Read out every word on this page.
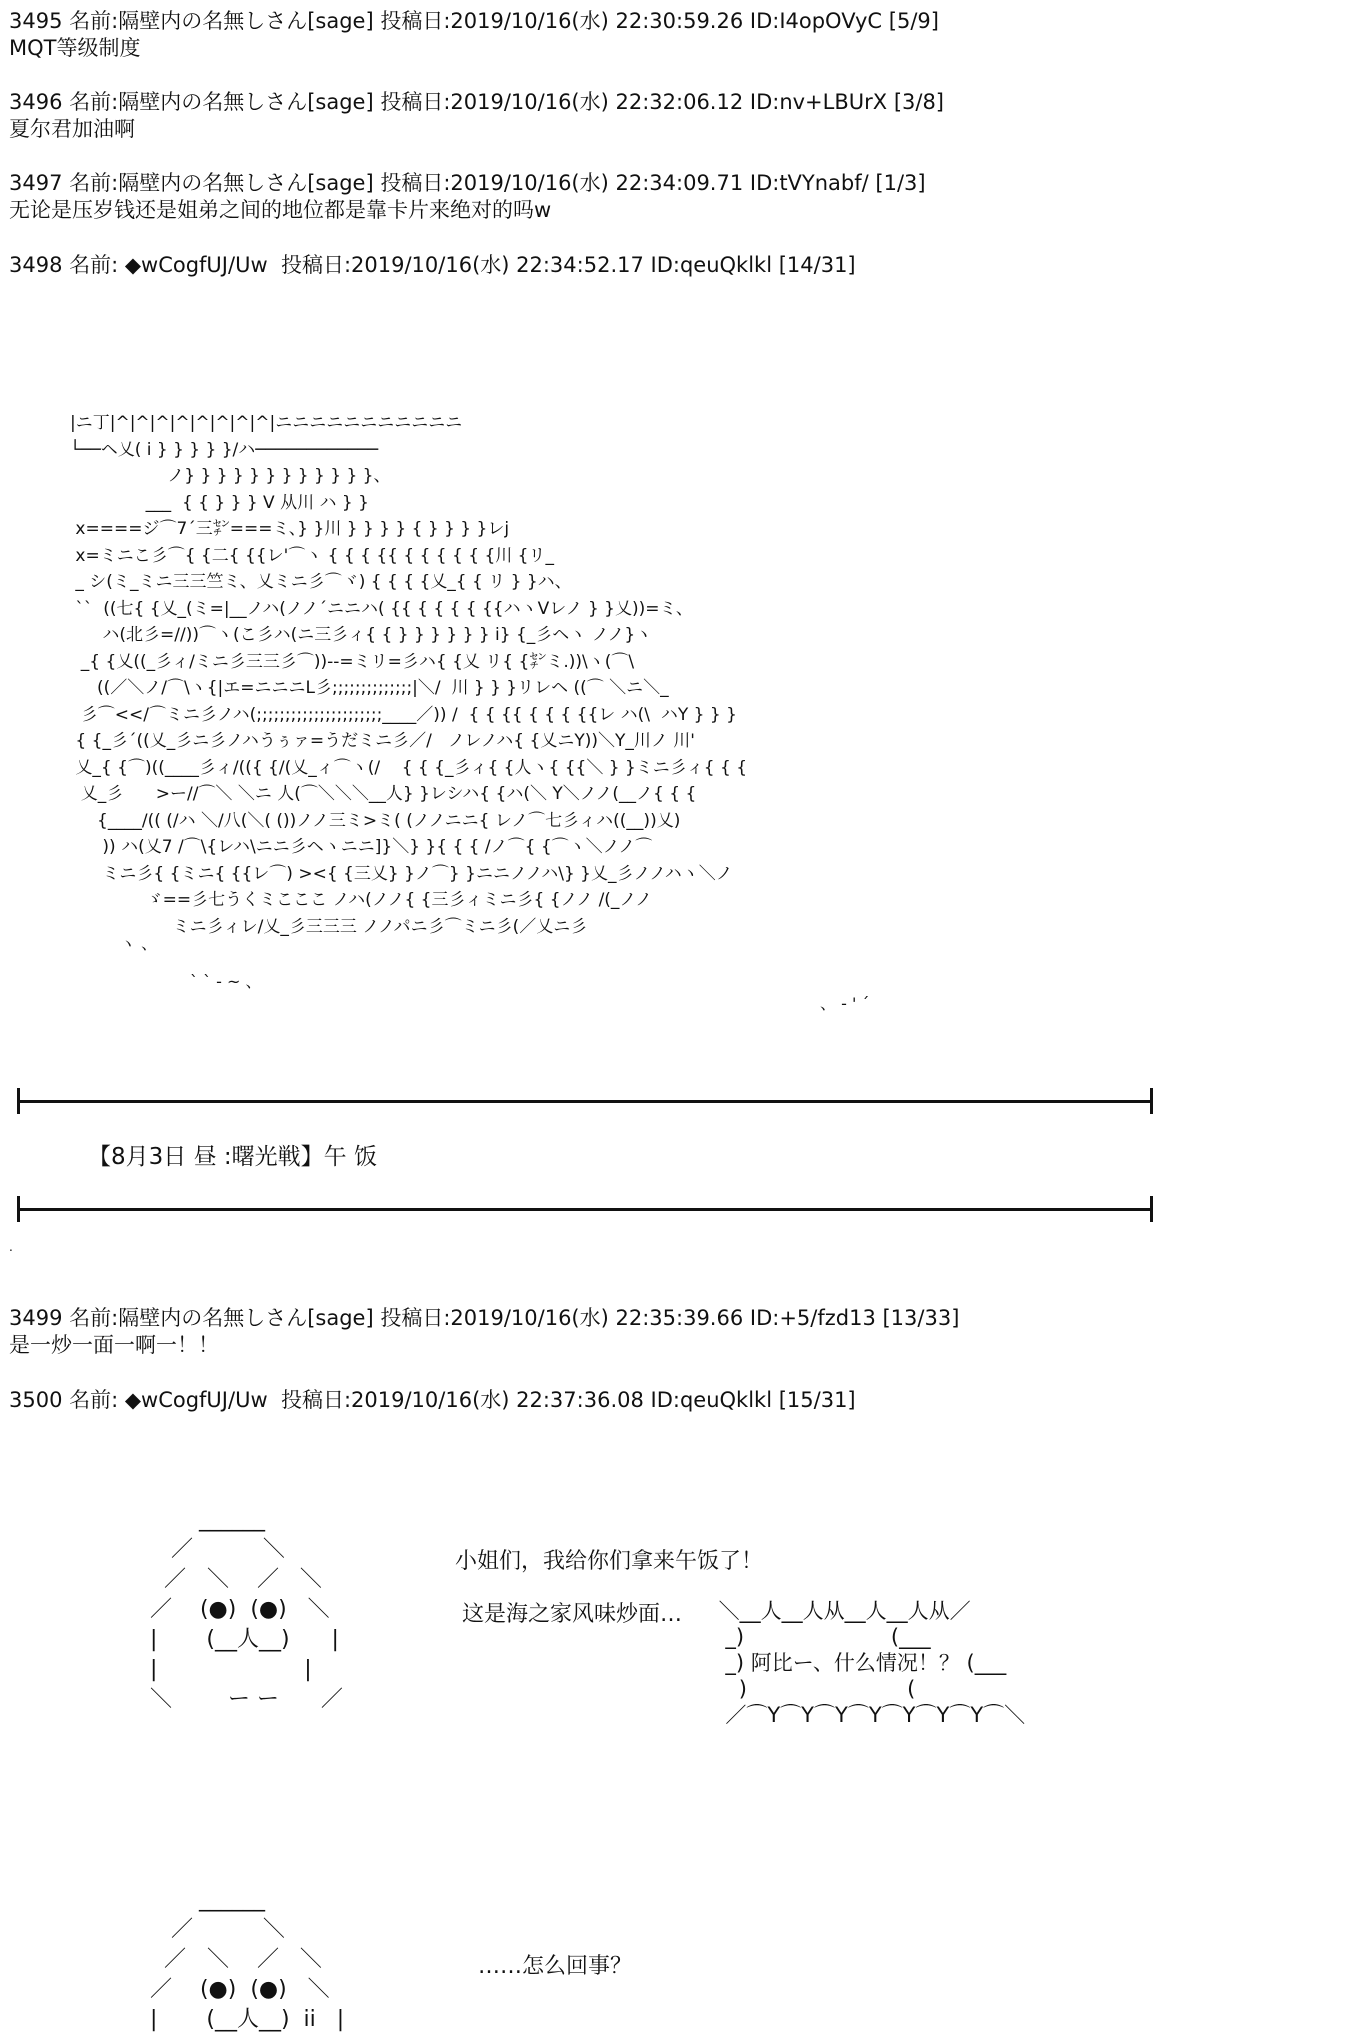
3495 名前:隔壁内の名無しさん[sage] 投稿日:2019/10/16(水) 22:30:59.26 ID:I4opOVyC [5/9]
MQT等级制度
3496 名前:隔壁内の名無しさん[sage] 投稿日:2019/10/16(水) 22:32:06.12 ID:nv+LBUrX [3/8]
夏尔君加油啊
3497 名前:隔壁内の名無しさん[sage] 投稿日:2019/10/16(水) 22:34:09.71 ID:tVYnabf/ [1/3]
无论是压岁钱还是姐弟之间的地位都是靠卡片来绝对的吗w
3498 名前: ◆wCogfUJ/Uw  投稿日:2019/10/16(水) 22:34:52.17 ID:qeuQklkl [14/31]
|ニ丁|^|^|^|^|^|^|^|^|ニニニニニニニニニニニ
└──ヘ乂( i } } } } }/ハ────────────
ノ} } } } } } } } } } } }、
___  { { } } } V 从川 ハ } }
x====ジ⌒7´三㌢===ミ、} }川 } } } } { } } } }レj
x=ミニこ彡⌒{ {二{ {{レ'⌒ヽ { { { {{ { { { { { {川 {リ_
_ シ(ミ_ミニ三三竺ミ、乂ミニ彡⌒ヾ) { { { {乂_{ { リ } }ハ、
``  ((七{ {乂_(ミ=|__ノハ(ノノ´ニニハ( {{ { { { { {{ハヽVレノ } }乂))=ミ、
ハ(北彡=//))⌒ヽ(こ彡ハ(ニ三彡ィ{ { } } } } } } i} {_彡ヘヽ ノノ}ヽ
_{ {乂((_彡ィ/ミニ彡三三彡⌒))--=ミリ=彡ハ{ {乂 リ{ {㌢ミ.))\ヽ(⌒\
((／＼ノ/⌒\ヽ{|エ=ニニニL彡;;;;;;;;;;;;;;|＼/  川 } } }リレヘ ((⌒ ＼ニ＼_
彡⌒<</⌒ミニ彡ノハ(;;;;;;;;;;;;;;;;;;;;;;____／)) /  { { {{ { { { {{レ ハ(\  ハY } } }
{ {_彡´((乂_彡ニ彡ノハうぅァ=うだミニ彡／/   ノレノハ{ {乂ニY))＼Y_川ノ 川'
乂_{ {⌒)((____彡ィ/(({ {/(乂_ィ⌒ヽ(/    { { {_彡ィ{ {人ヽ{ {{＼ } }ミニ彡ィ{ { {
乂_彡      >ー//⌒＼ ＼ニ 人(⌒＼＼＼__人} }レシハ{ {ハ(＼ Y＼ノノ(__ノ{ { {
{____/(( (/ハ ＼/八(＼( ())ノノ三ミ>ミ( (ノノニニ{ レノ⌒七彡ィハ((__))乂)
)) ハ(乂7 /⌒\{レハ\ニニ彡ヘヽニニ]}＼} }{ { { /ノ⌒{ {⌒ヽ＼ノノ⌒
ミニ彡{ {ミニ{ {{レ⌒) ><{ {三乂} }ノ⌒} }ニニノノハ\} }乂_彡ノノハヽ＼ノ
ゞ==彡七うくミこここ ノハ(ノノ{ {三彡ィミニ彡{ {ノノ /(_ノノ
ミニ彡ィレ/乂_彡三三三 ノノパニ彡⌒ミニ彡(／乂ニ彡
ヽ 、
` ` - ~ 、
、 - ' ´
【8月3日 昼 :曙光戦】午 饭
.
3499 名前:隔壁内の名無しさん[sage] 投稿日:2019/10/16(水) 22:35:39.66 ID:+5/fzd13 [13/33]
是一炒一面一啊一！！
3500 名前: ◆wCogfUJ/Uw  投稿日:2019/10/16(水) 22:37:36.08 ID:qeuQklkl [15/31]
______
／          ＼
／   ＼    ／   ＼
／    (●)  (●)   ＼
|       (__人__)      |
|                     |
＼        ー ー      ／
小姐们，我给你们拿来午饭了！
这是海之家风味炒面…	＼__人__人从__人__人从／
_)                      (___
_) 阿比ー、什么情况！？ (___
)                        (
／⌒Y⌒Y⌒Y⌒Y⌒Y⌒Y⌒Y⌒＼
______
／          ＼
／   ＼    ／   ＼
／    (●)  (●)   ＼
|       (__人__)  ii   |
……怎么回事？
